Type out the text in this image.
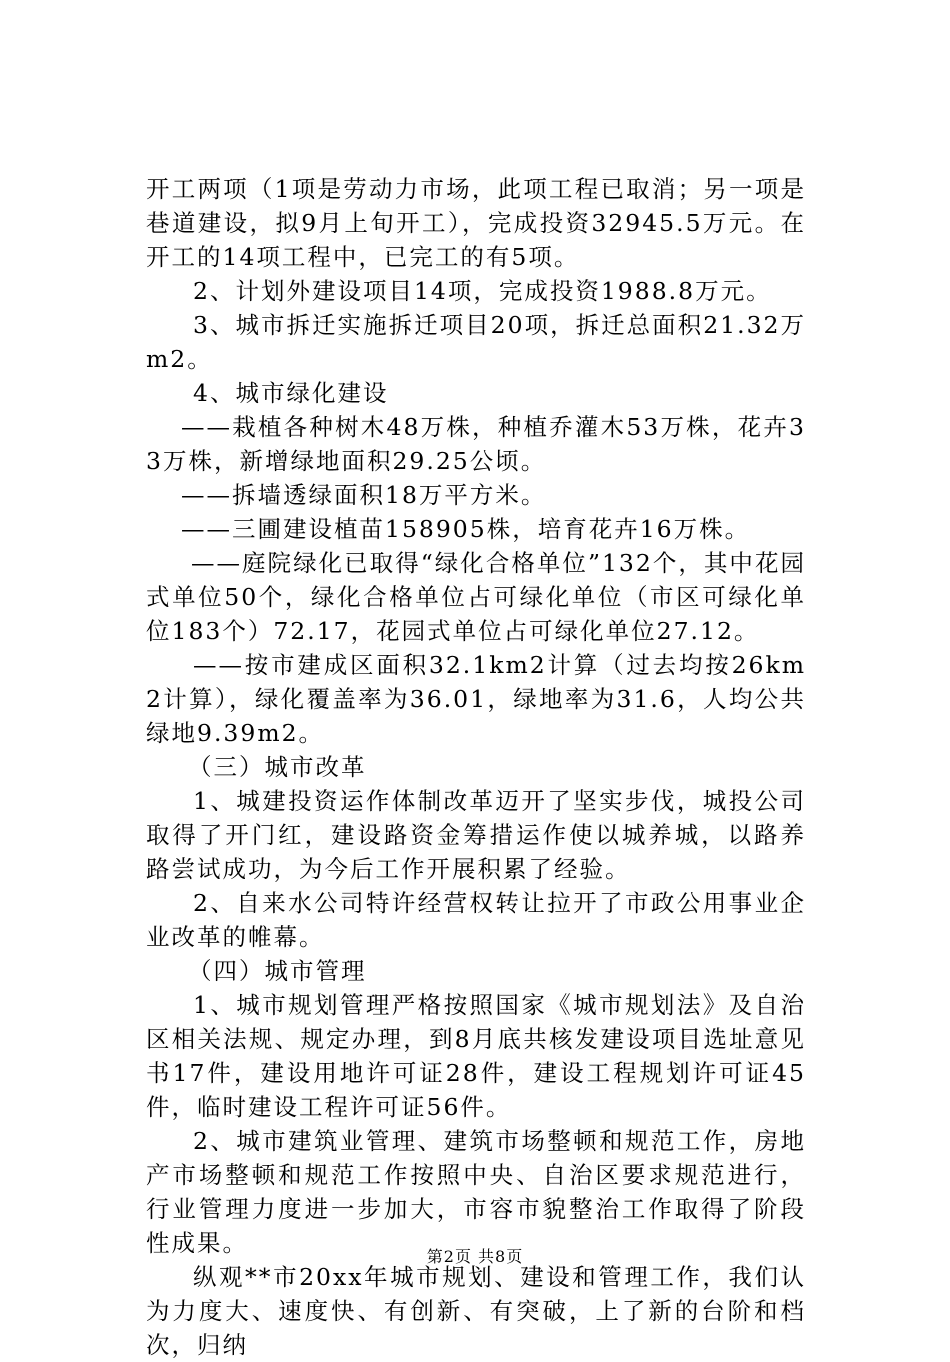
开工两项（1项是劳动力市场，此项工程已取消；另一项是巷道建设，拟9月上旬开工），完成投资32945.5万元。在开工的14项工程中，已完工的有5项。

2、计划外建设项目14项，完成投资1988.8万元。

3、城市拆迁实施拆迁项目20项，拆迁总面积21.32万m2。

4、城市绿化建设

——栽植各种树木48万株，种植乔灌木53万株，花卉33万株，新增绿地面积29.25公顷。

——拆墙透绿面积18万平方米。

——三圃建设植苗158905株，培育花卉16万株。

——庭院绿化已取得“绿化合格单位”132个，其中花园式单位50个，绿化合格单位占可绿化单位（市区可绿化单位183个）72.17，花园式单位占可绿化单位27.12。

——按市建成区面积32.1km2计算（过去均按26km2计算），绿化覆盖率为36.01，绿地率为31.6，人均公共绿地9.39m2。

（三）城市改革

1、城建投资运作体制改革迈开了坚实步伐，城投公司取得了开门红，建设路资金筹措运作使以城养城，以路养路尝试成功，为今后工作开展积累了经验。

2、自来水公司特许经营权转让拉开了市政公用事业企业改革的帷幕。

（四）城市管理

1、城市规划管理严格按照国家《城市规划法》及自治区相关法规、规定办理，到8月底共核发建设项目选址意见书17件，建设用地许可证28件，建设工程规划许可证45件，临时建设工程许可证56件。

2、城市建筑业管理、建筑市场整顿和规范工作，房地产市场整顿和规范工作按照中央、自治区要求规范进行，行业管理力度进一步加大，市容市貌整治工作取得了阶段性成果。

纵观**市20xx年城市规划、建设和管理工作，我们认为力度大、速度快、有创新、有突破，上了新的台阶和档次，归纳

第2页 共8页
